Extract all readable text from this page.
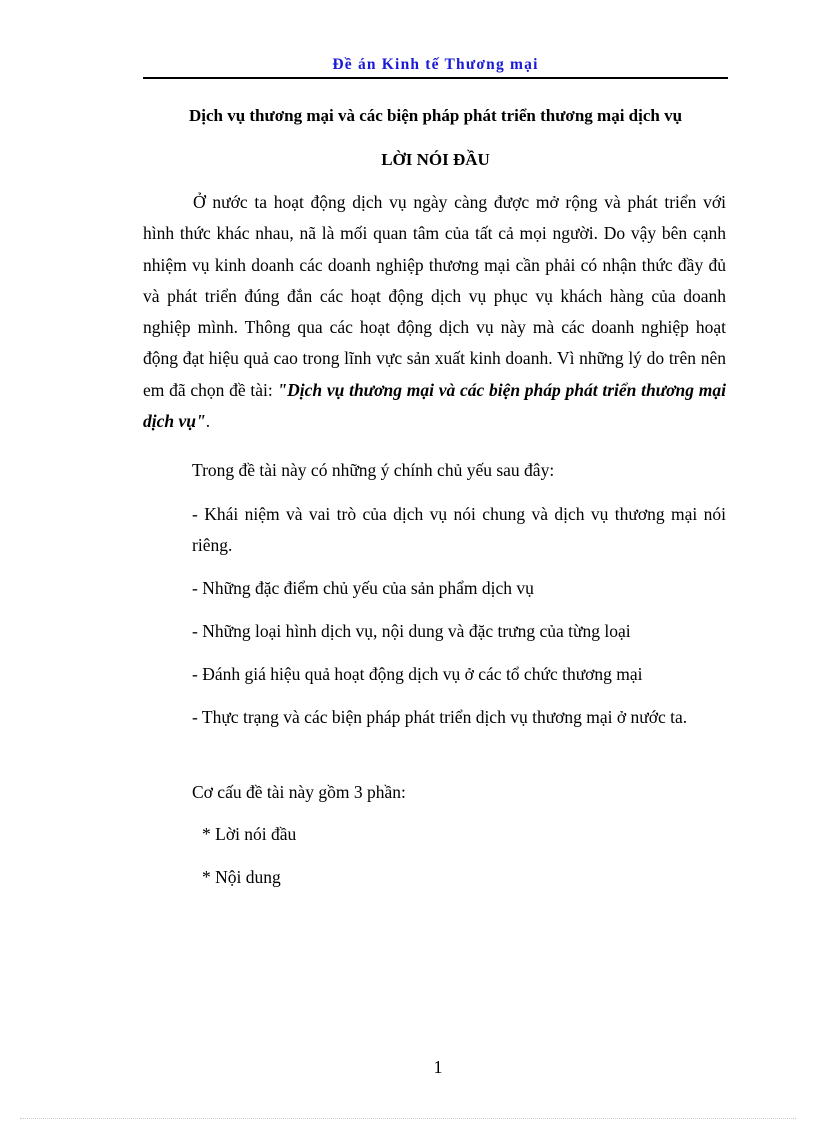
Đề án Kinh tế Thương mại
Dịch vụ thương mại và các biện pháp phát triển thương mại dịch vụ
LỜI NÓI ĐẦU
Ở nước ta hoạt động dịch vụ ngày càng được mở rộng và phát triển với hình thức khác nhau, nã là mối quan tâm của tất cả mọi người. Do vậy bên cạnh nhiệm vụ kinh doanh các doanh nghiệp thương mại cần phải có nhận thức đầy đủ và phát triển đúng đắn các hoạt động dịch vụ phục vụ khách hàng của doanh nghiệp mình. Thông qua các hoạt động dịch vụ này mà các doanh nghiệp hoạt động đạt hiệu quả cao trong lĩnh vực sản xuất kinh doanh. Vì những lý do trên nên em đã chọn đề tài: "Dịch vụ thương mại và các biện pháp phát triển thương mại dịch vụ".
Trong đề tài này có những ý chính chủ yếu sau đây:
- Khái niệm và vai trò của dịch vụ nói chung và dịch vụ thương mại nói riêng.
- Những đặc điểm chủ yếu của sản phẩm dịch vụ
- Những loại hình dịch vụ, nội dung và đặc trưng của từng loại
- Đánh giá hiệu quả hoạt động dịch vụ ở các tổ chức thương mại
- Thực trạng và các biện pháp phát triển dịch vụ thương mại ở nước ta.
Cơ cấu đề tài này gồm 3 phần:
* Lời nói đầu
* Nội dung
1
